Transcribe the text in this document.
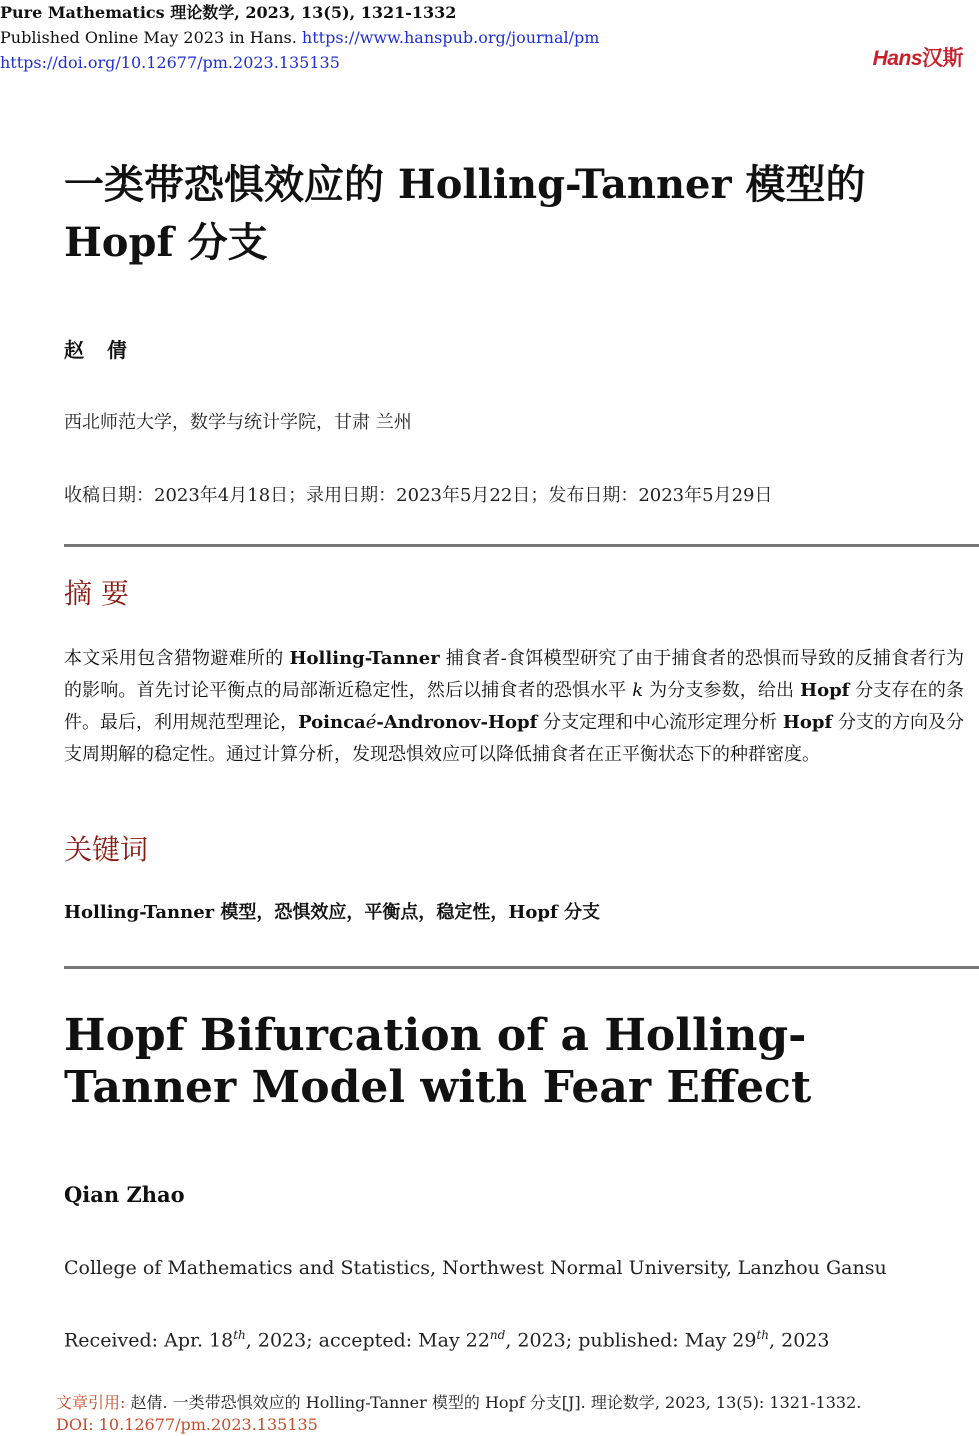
Pure Mathematics 理论数学, 2023, 13(5), 1321-1332
Published Online May 2023 in Hans. https://www.hanspub.org/journal/pm
https://doi.org/10.12677/pm.2023.135135	Hans汉斯
一类带恐惧效应的 Holling-Tanner 模型的 Hopf 分支

赵 倩

西北师范大学，数学与统计学院，甘肃 兰州

收稿日期：2023年4月18日；录用日期：2023年5月22日；发布日期：2023年5月29日

摘 要

本文采用包含猎物避难所的 Holling-Tanner 捕食者-食饵模型研究了由于捕食者的恐惧而导致的反捕食者行为的影响。首先讨论平衡点的局部渐近稳定性，然后以捕食者的恐惧水平 k 为分支参数，给出 Hopf 分支存在的条件。最后，利用规范型理论，Poincaé-Andronov-Hopf 分支定理和中心流形定理分析 Hopf 分支的方向及分支周期解的稳定性。通过计算分析，发现恐惧效应可以降低捕食者在正平衡状态下的种群密度。

关键词

Holling-Tanner 模型，恐惧效应，平衡点，稳定性，Hopf 分支

Hopf Bifurcation of a Holling-Tanner Model with Fear Effect

Qian Zhao

College of Mathematics and Statistics, Northwest Normal University, Lanzhou Gansu

Received: Apr. 18th, 2023; accepted: May 22nd, 2023; published: May 29th, 2023

文章引用: 赵倩. 一类带恐惧效应的 Holling-Tanner 模型的 Hopf 分支[J]. 理论数学, 2023, 13(5): 1321-1332.
DOI: 10.12677/pm.2023.135135
